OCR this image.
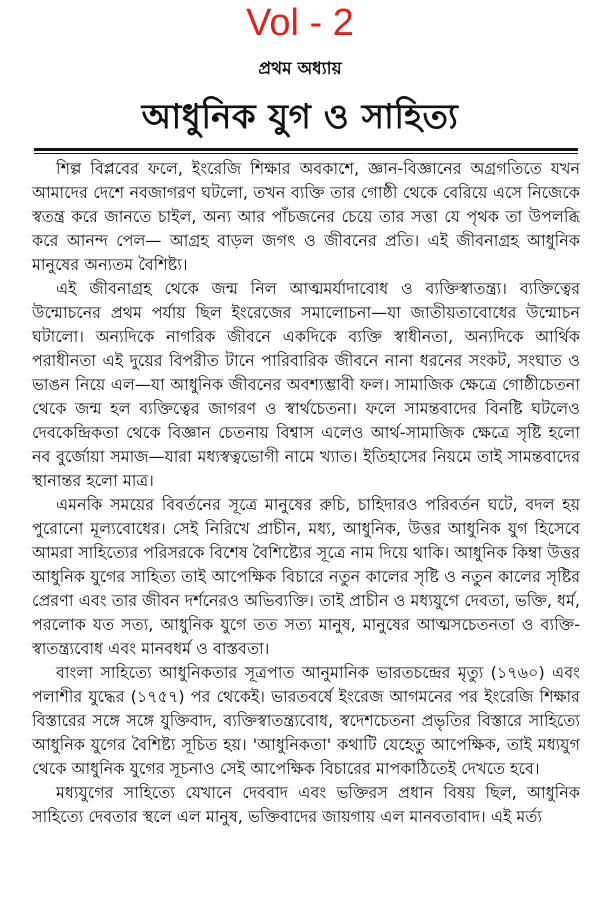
Vol - 2
প্রথম অধ্যায়
আধুনিক যুগ ও সাহিত্য

শিল্প বিপ্লবের ফলে, ইংরেজি শিক্ষার অবকাশে, জ্ঞান-বিজ্ঞানের অগ্রগতিতে যখন আমাদের দেশে নবজাগরণ ঘটলো, তখন ব্যক্তি তার গোষ্ঠী থেকে বেরিয়ে এসে নিজেকে স্বতন্ত্র করে জানতে চাইল, অন্য আর পাঁচজনের চেয়ে তার সত্তা যে পৃথক তা উপলব্ধি করে আনন্দ পেল— আগ্রহ বাড়ল জগৎ ও জীবনের প্রতি। এই জীবনাগ্রহ আধুনিক মানুষের অন্যতম বৈশিষ্ট্য।

এই জীবনাগ্রহ থেকে জন্ম নিল আত্মমর্যাদাবোধ ও ব্যক্তিস্বাতন্ত্র্য। ব্যক্তিত্বের উন্মোচনের প্রথম পর্যায় ছিল ইংরেজের সমালোচনা—যা জাতীয়তাবোধের উন্মোচন ঘটালো। অন্যদিকে নাগরিক জীবনে একদিকে ব্যক্তি স্বাধীনতা, অন্যদিকে আর্থিক পরাধীনতা এই দুয়ের বিপরীত টানে পারিবারিক জীবনে নানা ধরনের সংকট, সংঘাত ও ভাঙন নিয়ে এল—যা আধুনিক জীবনের অবশ্যম্ভাবী ফল। সামাজিক ক্ষেত্রে গোষ্ঠীচেতনা থেকে জন্ম হল ব্যক্তিত্বের জাগরণ ও স্বার্থচেতনা। ফলে সামন্তবাদের বিনষ্টি ঘটলেও দেবকেন্দ্রিকতা থেকে বিজ্ঞান চেতনায় বিশ্বাস এলেও আর্থ-সামাজিক ক্ষেত্রে সৃষ্টি হলো নব বুর্জোয়া সমাজ—যারা মধ্যস্বত্বভোগী নামে খ্যাত। ইতিহাসের নিয়মে তাই সামন্তবাদের স্থানান্তর হলো মাত্র।

এমনকি সময়ের বিবর্তনের সূত্রে মানুষের রুচি, চাহিদারও পরিবর্তন ঘটে, বদল হয় পুরোনো মূল্যবোধের। সেই নিরিখে প্রাচীন, মধ্য, আধুনিক, উত্তর আধুনিক যুগ হিসেবে আমরা সাহিত্যের পরিসরকে বিশেষ বৈশিষ্ট্যের সূত্রে নাম দিয়ে থাকি। আধুনিক কিম্বা উত্তর আধুনিক যুগের সাহিত্য তাই আপেক্ষিক বিচারে নতুন কালের সৃষ্টি ও নতুন কালের সৃষ্টির প্রেরণা এবং তার জীবন দর্শনেরও অভিব্যক্তি। তাই প্রাচীন ও মধ্যযুগে দেবতা, ভক্তি, ধর্ম, পরলোক যত সত্য, আধুনিক যুগে তত সত্য মানুষ, মানুষের আত্মসচেতনতা ও ব্যক্তি-স্বাতন্ত্র্যবোধ এবং মানবধর্ম ও বাস্তবতা।

বাংলা সাহিত্যে আধুনিকতার সূত্রপাত আনুমানিক ভারতচন্দ্রের মৃত্যু (১৭৬০) এবং পলাশীর যুদ্ধের (১৭৫৭) পর থেকেই। ভারতবর্ষে ইংরেজ আগমনের পর ইংরেজি শিক্ষার বিস্তারের সঙ্গে সঙ্গে যুক্তিবাদ, ব্যক্তিস্বাতন্ত্র্যবোধ, স্বদেশচেতনা প্রভৃতির বিস্তারে সাহিত্যে আধুনিক যুগের বৈশিষ্ট্য সূচিত হয়। 'আধুনিকতা' কথাটি যেহেতু আপেক্ষিক, তাই মধ্যযুগ থেকে আধুনিক যুগের সূচনাও সেই আপেক্ষিক বিচারের মাপকাঠিতেই দেখতে হবে।

মধ্যযুগের সাহিত্যে যেখানে দেববাদ এবং ভক্তিরস প্রধান বিষয় ছিল, আধুনিক সাহিত্যে দেবতার স্থলে এল মানুষ, ভক্তিবাদের জায়গায় এল মানবতাবাদ। এই মর্ত্য
